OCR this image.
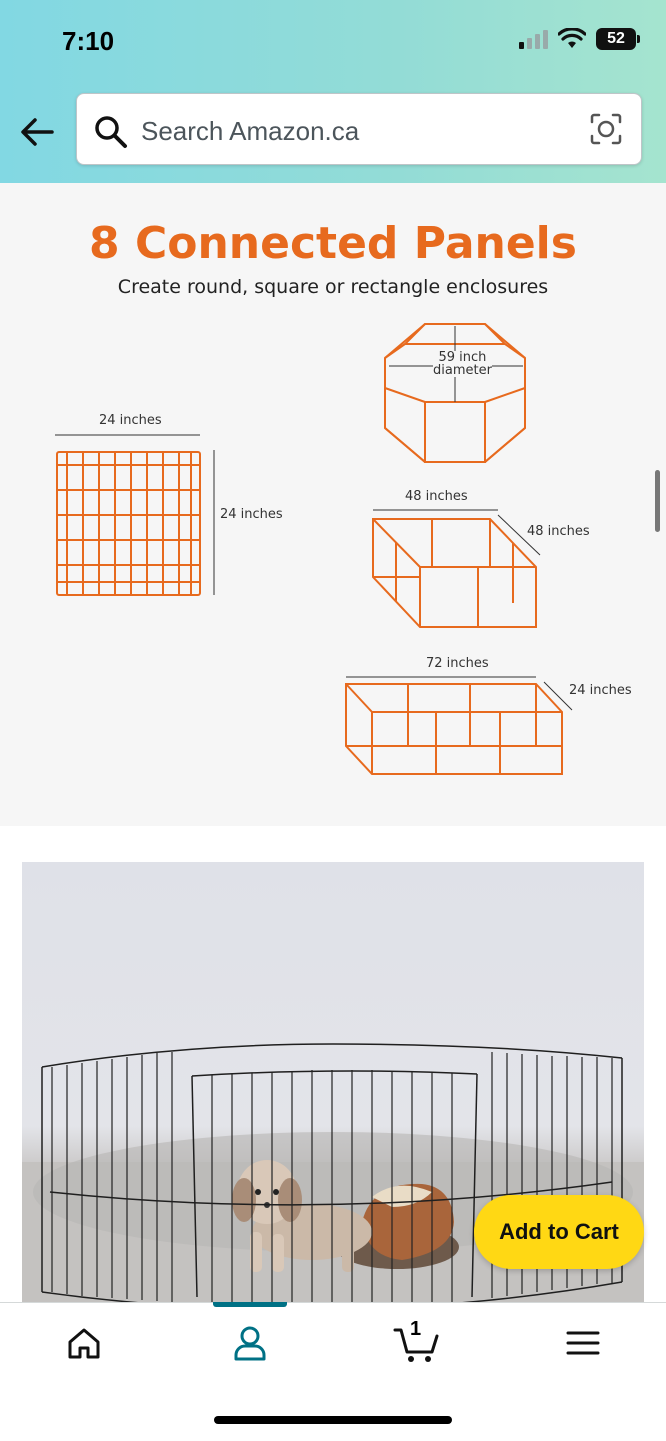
7:10	52
Search Amazon.ca
8 Connected Panels
Create round, square or rectangle enclosures
24 inches
24 inches
59 inch
diameter
48 inches
48 inches
72 inches
24 inches
Add to Cart
1
